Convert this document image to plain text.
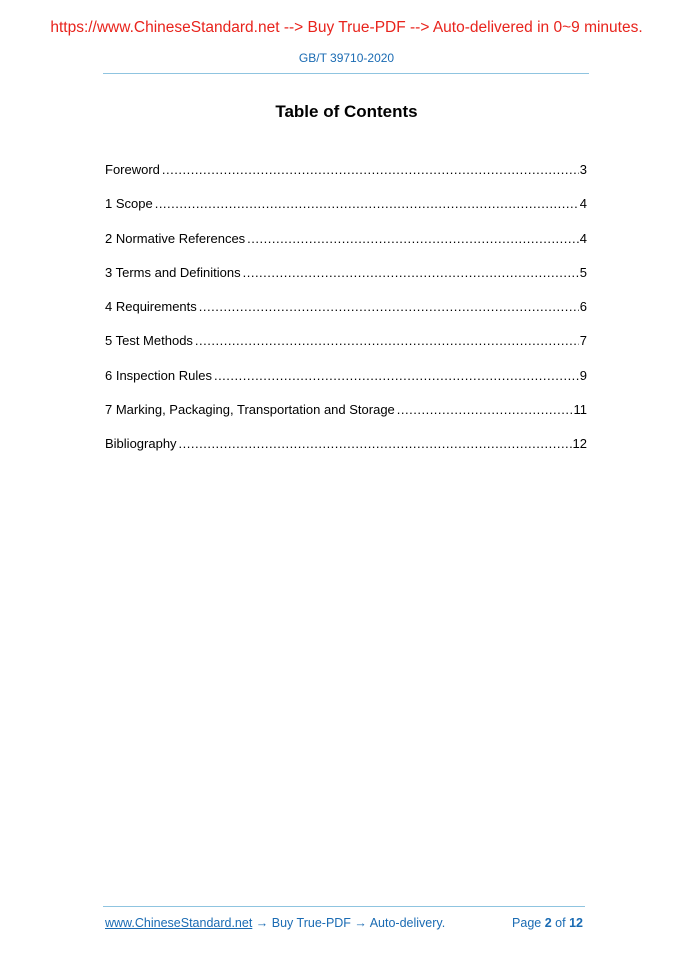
https://www.ChineseStandard.net --> Buy True-PDF --> Auto-delivered in 0~9 minutes.
GB/T 39710-2020
Table of Contents
Foreword .....	3
1 Scope .....	4
2 Normative References .....	4
3 Terms and Definitions .....	5
4 Requirements .....	6
5 Test Methods .....	7
6 Inspection Rules .....	9
7 Marking, Packaging, Transportation and Storage .....	11
Bibliography .....	12
www.ChineseStandard.net → Buy True-PDF → Auto-delivery.	Page 2 of 12
